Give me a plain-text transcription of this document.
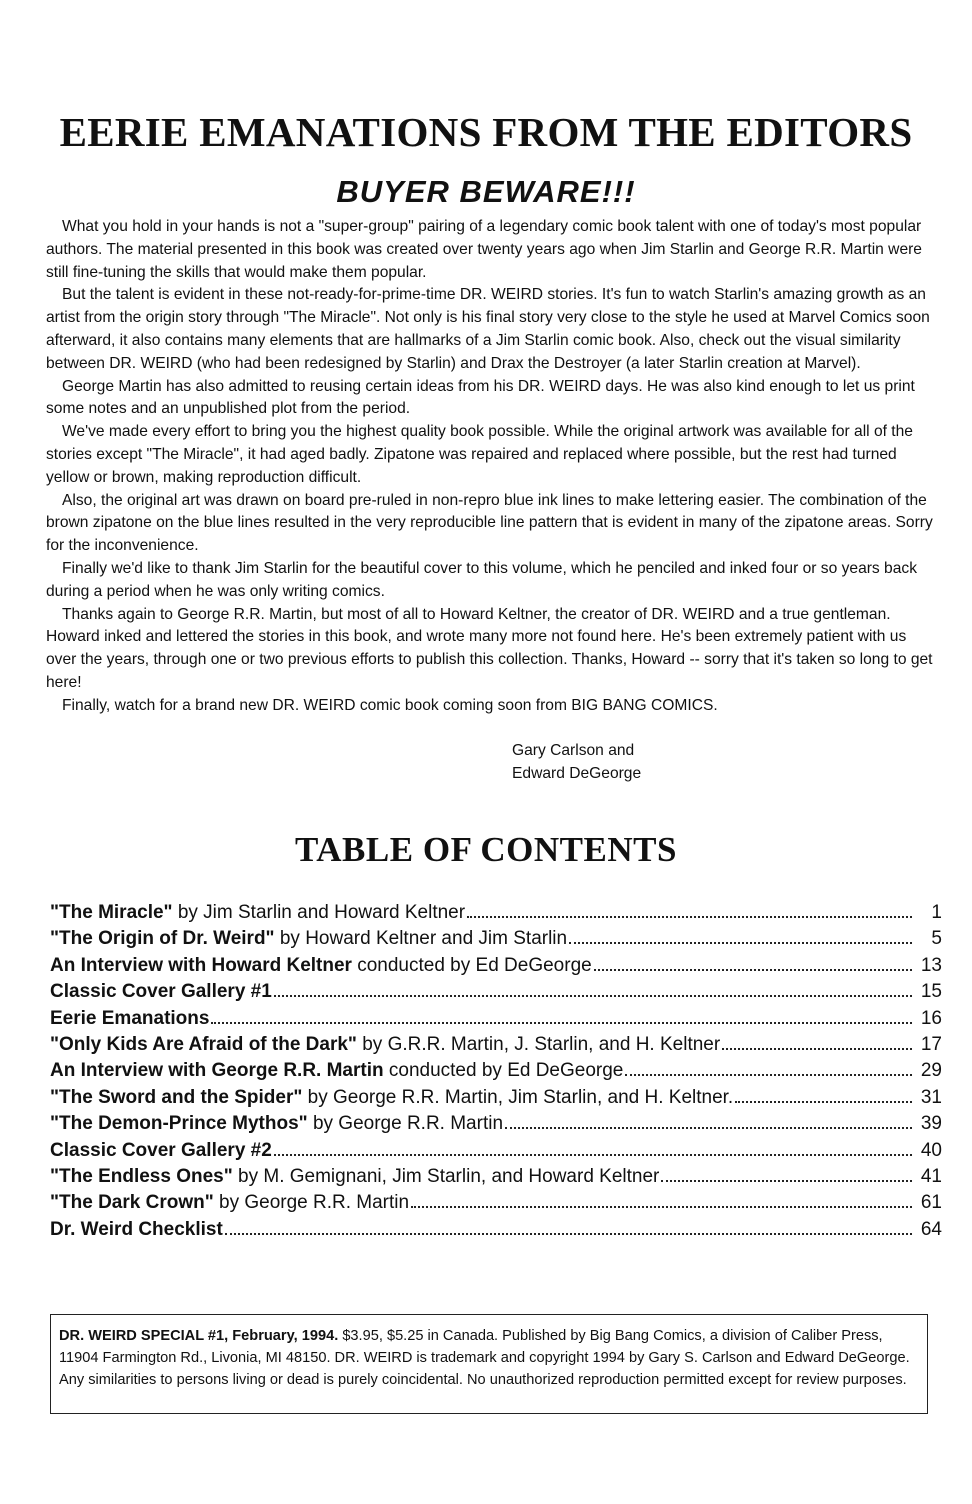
EERIE EMANATIONS FROM THE EDITORS
BUYER BEWARE!!!

What you hold in your hands is not a "super-group" pairing of a legendary comic book talent with one of today's most popular authors. The material presented in this book was created over twenty years ago when Jim Starlin and George R.R. Martin were still fine-tuning the skills that would make them popular.

But the talent is evident in these not-ready-for-prime-time DR. WEIRD stories. It's fun to watch Starlin's amazing growth as an artist from the origin story through "The Miracle". Not only is his final story very close to the style he used at Marvel Comics soon afterward, it also contains many elements that are hallmarks of a Jim Starlin comic book. Also, check out the visual similarity between DR. WEIRD (who had been redesigned by Starlin) and Drax the Destroyer (a later Starlin creation at Marvel).

George Martin has also admitted to reusing certain ideas from his DR. WEIRD days. He was also kind enough to let us print some notes and an unpublished plot from the period.

We've made every effort to bring you the highest quality book possible. While the original artwork was available for all of the stories except "The Miracle", it had aged badly. Zipatone was repaired and replaced where possible, but the rest had turned yellow or brown, making reproduction difficult.

Also, the original art was drawn on board pre-ruled in non-repro blue ink lines to make lettering easier. The combination of the brown zipatone on the blue lines resulted in the very reproducible line pattern that is evident in many of the zipatone areas. Sorry for the inconvenience.

Finally we'd like to thank Jim Starlin for the beautiful cover to this volume, which he penciled and inked four or so years back during a period when he was only writing comics.

Thanks again to George R.R. Martin, but most of all to Howard Keltner, the creator of DR. WEIRD and a true gentleman. Howard inked and lettered the stories in this book, and wrote many more not found here. He's been extremely patient with us over the years, through one or two previous efforts to publish this collection. Thanks, Howard -- sorry that it's taken so long to get here!

Finally, watch for a brand new DR. WEIRD comic book coming soon from BIG BANG COMICS.

Gary Carlson and
Edward DeGeorge
TABLE OF CONTENTS
"The Miracle" by Jim Starlin and Howard Keltner	1
"The Origin of Dr. Weird" by Howard Keltner and Jim Starlin	5
An Interview with Howard Keltner conducted by Ed DeGeorge	13
Classic Cover Gallery #1	15
Eerie Emanations	16
"Only Kids Are Afraid of the Dark" by G.R.R. Martin, J. Starlin, and H. Keltner	17
An Interview with George R.R. Martin conducted by Ed DeGeorge	29
"The Sword and the Spider" by George R.R. Martin, Jim Starlin, and H. Keltner.	31
"The Demon-Prince Mythos" by George R.R. Martin	39
Classic Cover Gallery #2	40
"The Endless Ones" by M. Gemignani, Jim Starlin, and Howard Keltner	41
"The Dark Crown" by George R.R. Martin	61
Dr. Weird Checklist	64
DR. WEIRD SPECIAL #1, February, 1994. $3.95, $5.25 in Canada. Published by Big Bang Comics, a division of Caliber Press, 11904 Farmington Rd., Livonia, MI 48150. DR. WEIRD is trademark and copyright 1994 by Gary S. Carlson and Edward DeGeorge. Any similarities to persons living or dead is purely coincidental. No unauthorized reproduction permitted except for review purposes.
